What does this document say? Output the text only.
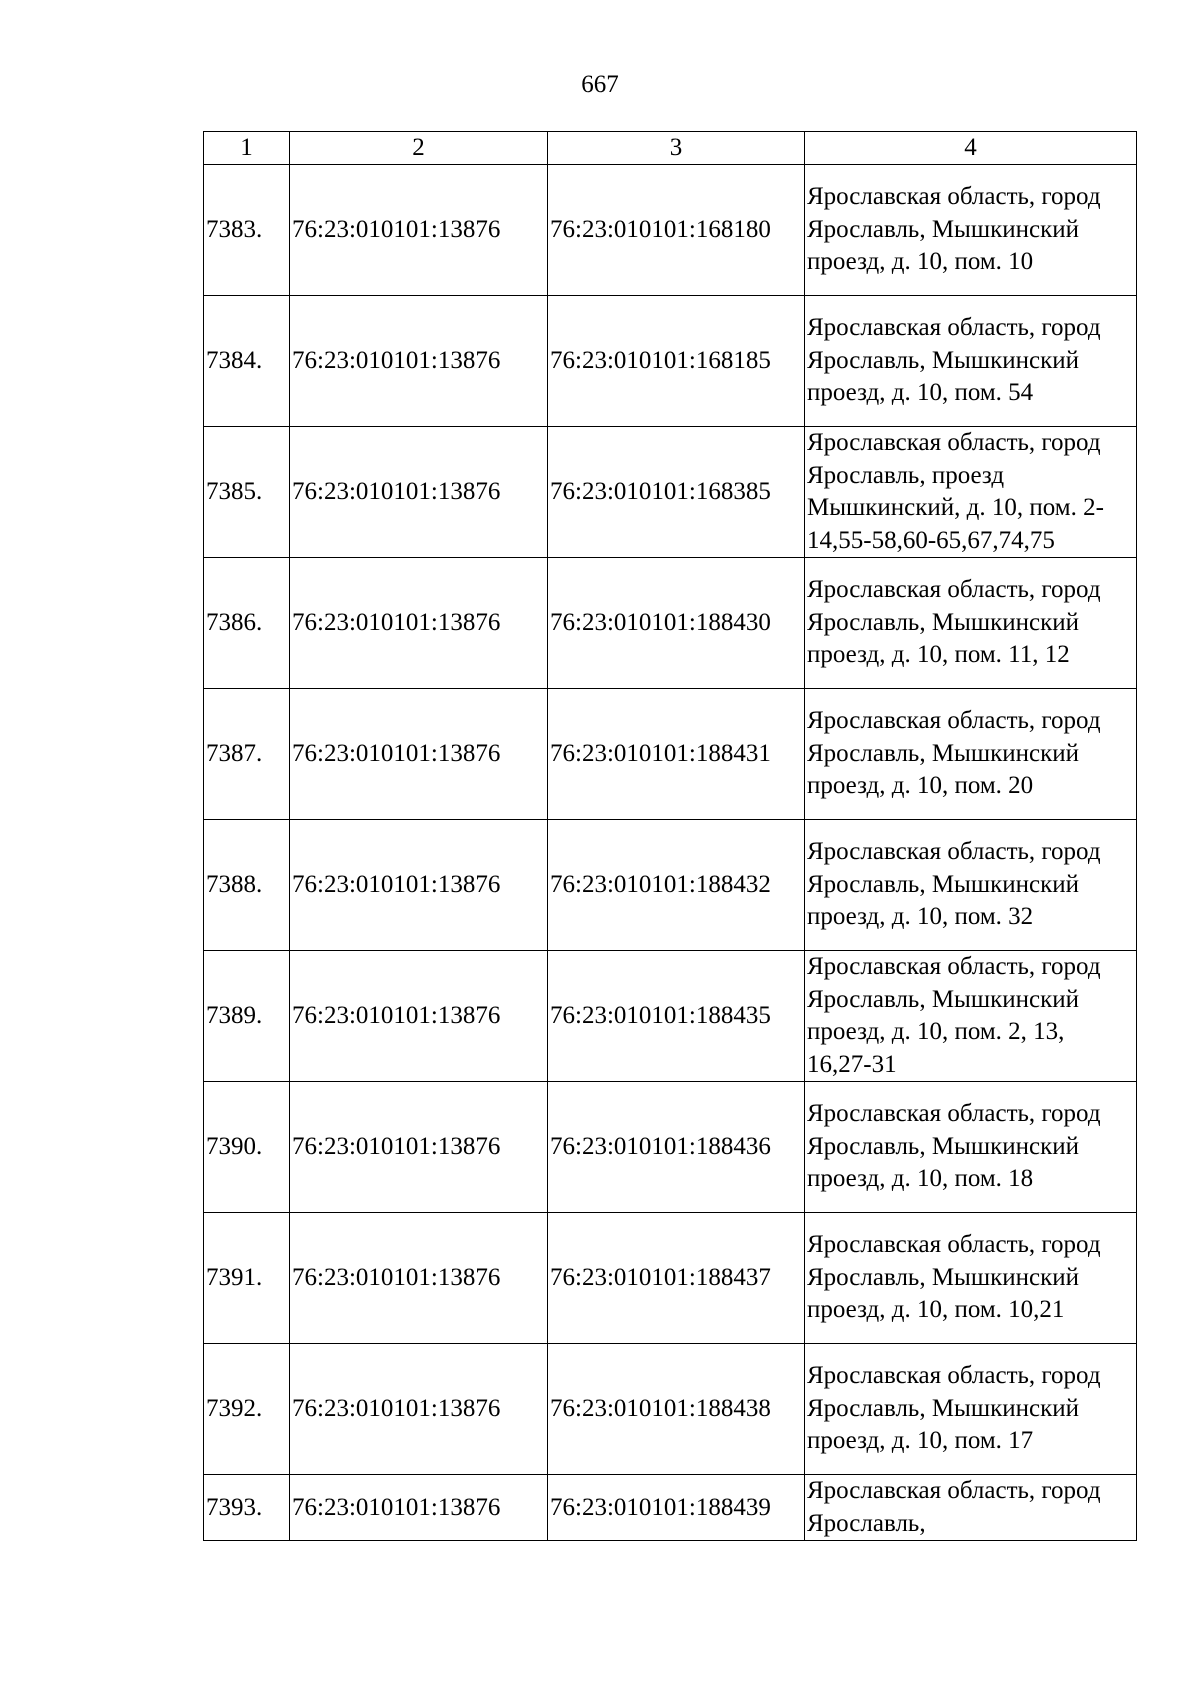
667
1	2	3	4
7383.	76:23:010101:13876	76:23:010101:168180	Ярославская область, город Ярославль, Мышкинский проезд, д. 10, пом. 10
7384.	76:23:010101:13876	76:23:010101:168185	Ярославская область, город Ярославль, Мышкинский проезд, д. 10, пом. 54
7385.	76:23:010101:13876	76:23:010101:168385	Ярославская область, город Ярославль, проезд Мышкинский, д. 10, пом. 2-14,55-58,60-65,67,74,75
7386.	76:23:010101:13876	76:23:010101:188430	Ярославская область, город Ярославль, Мышкинский проезд, д. 10, пом. 11, 12
7387.	76:23:010101:13876	76:23:010101:188431	Ярославская область, город Ярославль, Мышкинский проезд, д. 10, пом. 20
7388.	76:23:010101:13876	76:23:010101:188432	Ярославская область, город Ярославль, Мышкинский проезд, д. 10, пом. 32
7389.	76:23:010101:13876	76:23:010101:188435	Ярославская область, город Ярославль, Мышкинский проезд, д. 10, пом. 2, 13, 16,27-31
7390.	76:23:010101:13876	76:23:010101:188436	Ярославская область, город Ярославль, Мышкинский проезд, д. 10, пом. 18
7391.	76:23:010101:13876	76:23:010101:188437	Ярославская область, город Ярославль, Мышкинский проезд, д. 10, пом. 10,21
7392.	76:23:010101:13876	76:23:010101:188438	Ярославская область, город Ярославль, Мышкинский проезд, д. 10, пом. 17
7393.	76:23:010101:13876	76:23:010101:188439	Ярославская область, город Ярославль,
